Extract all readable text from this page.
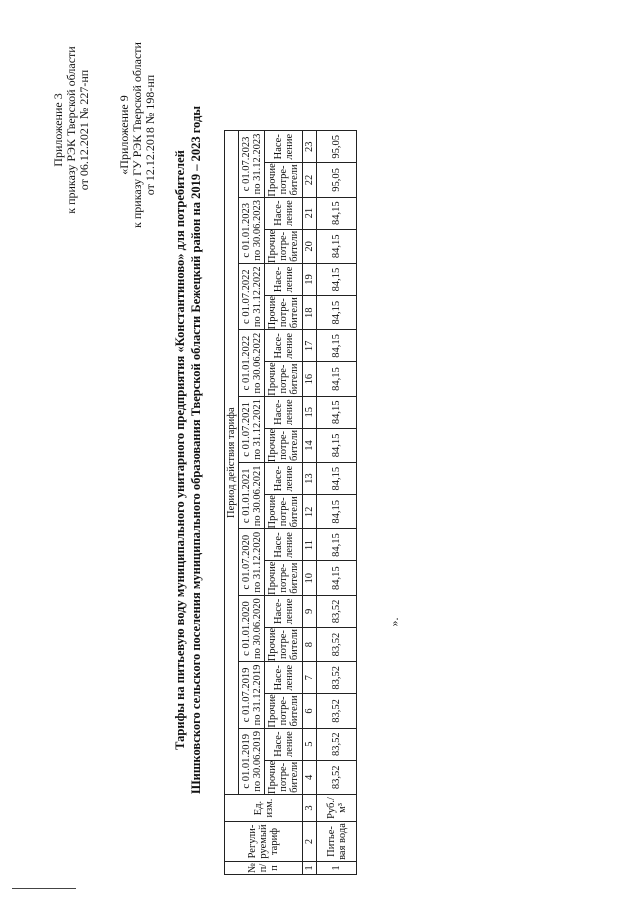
Приложение 3 к приказу РЭК Тверской области от 06.12.2021 № 227-нп «Приложение 9 к приказу ГУ РЭК Тверской области от 12.12.2018 № 198-нп
Тарифы на питьевую воду муниципального унитарного предприятия «Константиново» для потребителей Шишковского сельского поселения муниципального образования Тверской области Бежецкий район на 2019 – 2023 годы
№ п/п	Регули- руемый тариф	Ед. изм.	Период действия тарифа																			
			с 01.01.2019 по 30.06.2019		с 01.07.2019 по 31.12.2019		с 01.01.2020 по 30.06.2020		с 01.07.2020 по 31.12.2020		с 01.01.2021 по 30.06.2021		с 01.07.2021 по 31.12.2021		с 01.01.2022 по 30.06.2022		с 01.07.2022 по 31.12.2022		с 01.01.2023 по 30.06.2023		с 01.07.2023 по 31.12.2023	
			Прочие потре- бители	Насе- ление	Прочие потре- бители	Насе- ление	Прочие потре- бители	Насе- ление	Прочие потре- бители	Насе- ление	Прочие потре- бители	Насе- ление	Прочие потре- бители	Насе- ление	Прочие потре- бители	Насе- ление	Прочие потре- бители	Насе- ление	Прочие потре- бители	Насе- ление	Прочие потре- бители	Насе- ление
1	2	3	4	5	6	7	8	9	10	11	12	13	14	15	16	17	18	19	20	21	22	23
1	Питье- вая вода	Руб./м³	83,52	83,52	83,52	83,52	83,52	83,52	84,15	84,15	84,15	84,15	84,15	84,15	84,15	84,15	84,15	84,15	84,15	84,15	95,05	95,05
».
